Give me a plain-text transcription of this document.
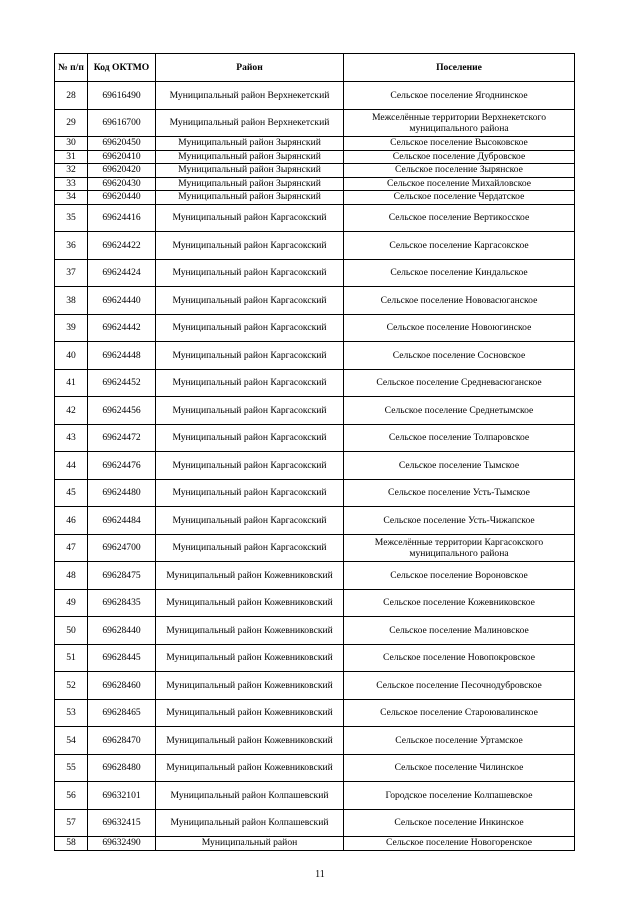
№ п/п	Код ОКТМО	Район	Поселение
28	69616490	Муниципальный район Верхнекетский	Сельское поселение Ягоднинское
29	69616700	Муниципальный район Верхнекетский	Межселённые территории Верхнекетского муниципального района
30	69620450	Муниципальный район Зырянский	Сельское поселение Высоковское
31	69620410	Муниципальный район Зырянский	Сельское поселение Дубровское
32	69620420	Муниципальный район Зырянский	Сельское поселение Зырянское
33	69620430	Муниципальный район Зырянский	Сельское поселение Михайловское
34	69620440	Муниципальный район Зырянский	Сельское поселение Чердатское
35	69624416	Муниципальный район Каргасокский	Сельское поселение Вертикосское
36	69624422	Муниципальный район Каргасокский	Сельское поселение Каргасокское
37	69624424	Муниципальный район Каргасокский	Сельское поселение Киндальское
38	69624440	Муниципальный район Каргасокский	Сельское поселение Нововасюганское
39	69624442	Муниципальный район Каргасокский	Сельское поселение Новоюгинское
40	69624448	Муниципальный район Каргасокский	Сельское поселение Сосновское
41	69624452	Муниципальный район Каргасокский	Сельское поселение Средневасюганское
42	69624456	Муниципальный район Каргасокский	Сельское поселение Среднетымское
43	69624472	Муниципальный район Каргасокский	Сельское поселение Толпаровское
44	69624476	Муниципальный район Каргасокский	Сельское поселение Тымское
45	69624480	Муниципальный район Каргасокский	Сельское поселение Усть-Тымское
46	69624484	Муниципальный район Каргасокский	Сельское поселение Усть-Чижапское
47	69624700	Муниципальный район Каргасокский	Межселённые территории Каргасокского муниципального района
48	69628475	Муниципальный район Кожевниковский	Сельское поселение Вороновское
49	69628435	Муниципальный район Кожевниковский	Сельское поселение Кожевниковское
50	69628440	Муниципальный район Кожевниковский	Сельское поселение Малиновское
51	69628445	Муниципальный район Кожевниковский	Сельское поселение Новопокровское
52	69628460	Муниципальный район Кожевниковский	Сельское поселение Песочнодубровское
53	69628465	Муниципальный район Кожевниковский	Сельское поселение Староювалинское
54	69628470	Муниципальный район Кожевниковский	Сельское поселение Уртамское
55	69628480	Муниципальный район Кожевниковский	Сельское поселение Чилинское
56	69632101	Муниципальный район Колпашевский	Городское поселение Колпашевское
57	69632415	Муниципальный район Колпашевский	Сельское поселение Инкинское
58	69632490	Муниципальный район	Сельское поселение Новогоренское
11
